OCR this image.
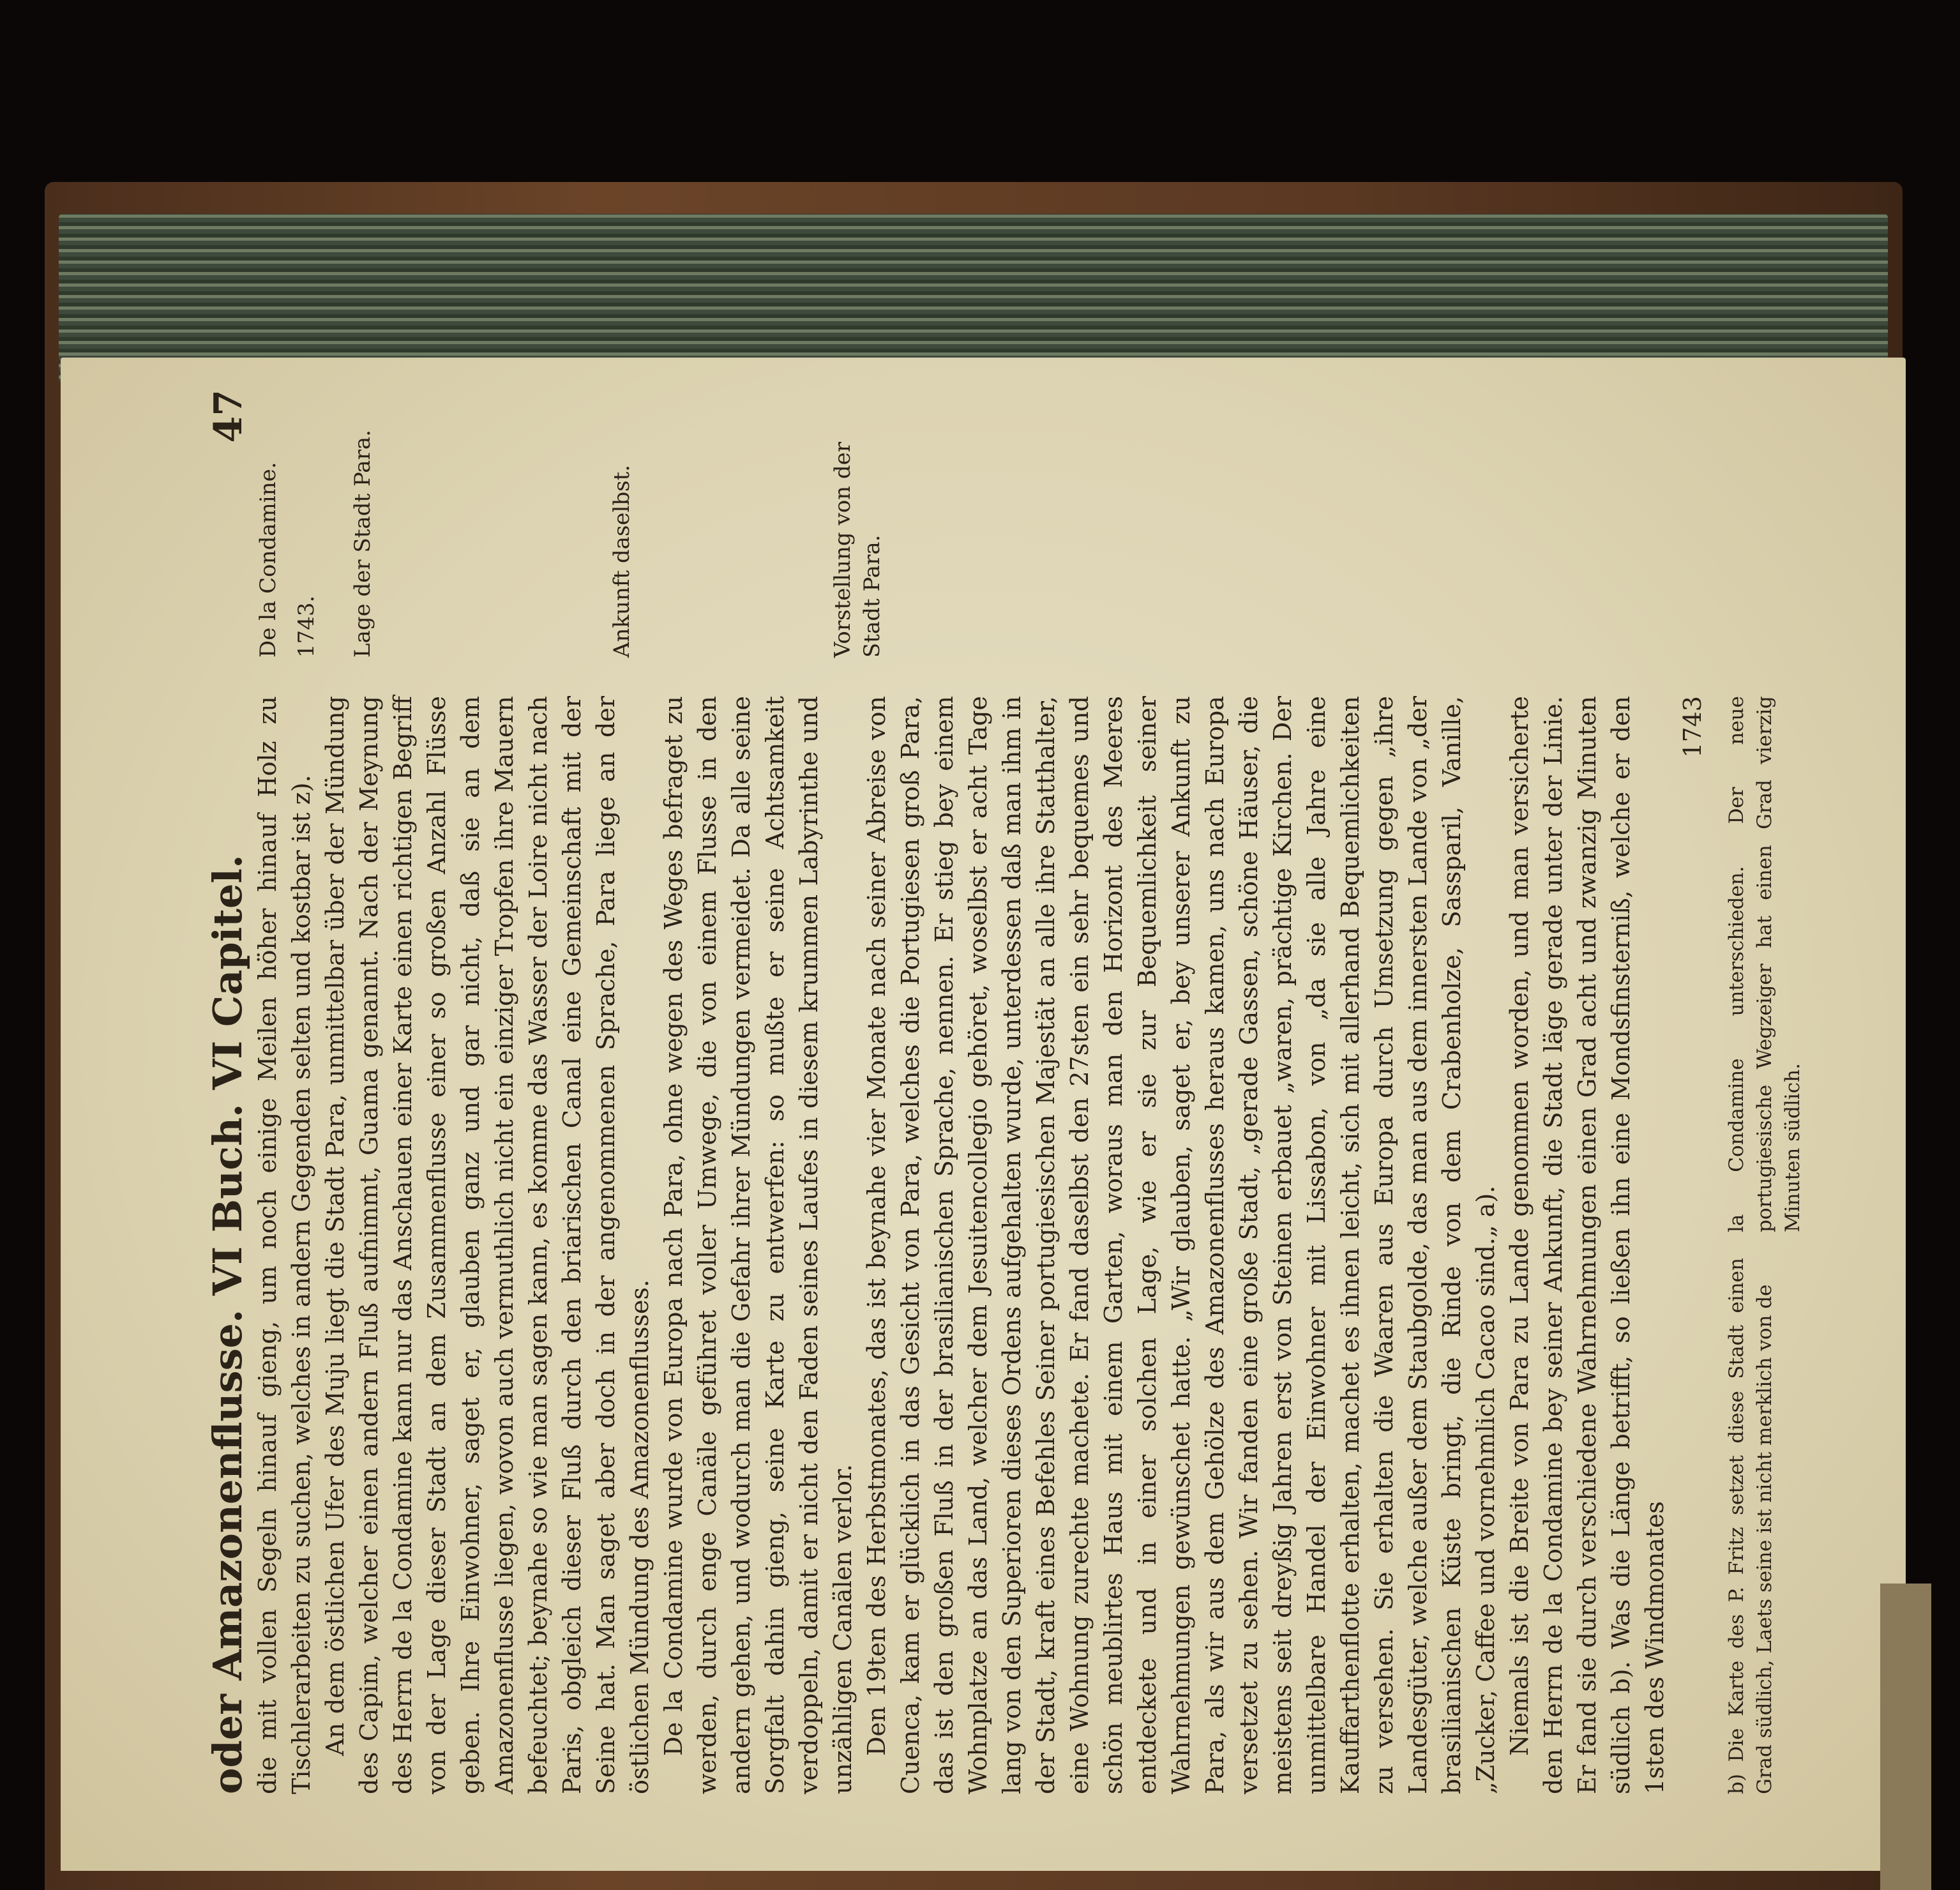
oder Amazonenflusse. VI Buch. VI Capitel.
47

die mit vollen Segeln hinauf gieng, um noch einige Meilen höher hinauf Holz zu Tischlerarbeiten zu suchen, welches in andern Gegenden selten und kostbar ist z). An dem östlichen Ufer des Muju liegt die Stadt Para, unmittelbar über der Mündung des Capim, welcher einen andern Fluß aufnimmt, Guama genannt. Nach der Meynung des Herrn de la Condamine kann nur das Anschauen einer Karte einen richtigen Begriff von der Lage dieser Stadt an dem Zusammenflusse einer so großen Anzahl Flüsse geben. Ihre Einwohner, saget er, glauben ganz und gar nicht, daß sie an dem Amazonenflusse liegen, wovon auch vermuthlich nicht ein einziger Tropfen ihre Mauern befeuchtet; beynahe so wie man sagen kann, es komme das Wasser der Loire nicht nach Paris, obgleich dieser Fluß durch den briarischen Canal eine Gemeinschaft mit der Seine hat. Man saget aber doch in der angenommenen Sprache, Para liege an der östlichen Mündung des Amazonenflusses. De la Condamine wurde von Europa nach Para, ohne wegen des Weges befraget zu werden, durch enge Canäle geführet voller Umwege, die von einem Flusse in den andern gehen, und wodurch man die Gefahr ihrer Mündungen vermeidet. Da alle seine Sorgfalt dahin gieng, seine Karte zu entwerfen: so mußte er seine Achtsamkeit verdoppeln, damit er nicht den Faden seines Laufes in diesem krummen Labyrinthe und unzähligen Canälen verlor. Den 19ten des Herbstmonates, das ist beynahe vier Monate nach seiner Abreise von Cuenca, kam er glücklich in das Gesicht von Para, welches die Portugiesen groß Para, das ist den großen Fluß in der brasilianischen Sprache, nennen. Er stieg bey einem Wohnplatze an das Land, welcher dem Jesuitencollegio gehöret, woselbst er acht Tage lang von den Superioren dieses Ordens aufgehalten wurde, unterdessen daß man ihm in der Stadt, kraft eines Befehles Seiner portugiesischen Majestät an alle ihre Statthalter, eine Wohnung zurechte machete. Er fand daselbst den 27sten ein sehr bequemes und schön meublirtes Haus mit einem Garten, woraus man den Horizont des Meeres entdeckete und in einer solchen Lage, wie er sie zur Bequemlichkeit seiner Wahrnehmungen gewünschet hatte. „Wir glauben, saget er, bey unserer Ankunft zu Para, als wir aus dem Gehölze des Amazonenflusses heraus kamen, uns nach Europa versetzet zu sehen. Wir fanden eine große Stadt, „gerade Gassen, schöne Häuser, die meistens seit dreyßig Jahren erst von Steinen erbauet „waren, prächtige Kirchen. Der unmittelbare Handel der Einwohner mit Lissabon, von „da sie alle Jahre eine Kauffarthenflotte erhalten, machet es ihnen leicht, sich mit allerhand Bequemlichkeiten zu versehen. Sie erhalten die Waaren aus Europa durch Umsetzung gegen „ihre Landesgüter, welche außer dem Staubgolde, das man aus dem innersten Lande von „der brasilianischen Küste bringt, die Rinde von dem Crabenholze, Sassparil, Vanille, „Zucker, Caffee und vornehmlich Cacao sind.„ a). Niemals ist die Breite von Para zu Lande genommen worden, und man versicherte den Herrn de la Condamine bey seiner Ankunft, die Stadt läge gerade unter der Linie. Er fand sie durch verschiedene Wahrnehmungen einen Grad acht und zwanzig Minuten südlich b). Was die Länge betrifft, so ließen ihn eine Mondsfinsterniß, welche er den 1sten des Windmonates

1743
b) Die Karte des P. Fritz setzet diese Stadt einen Grad südlich, Laets seine ist nicht merklich von de
la Condamine unterschieden. Der neue portugiesische Wegzeiger hat einen Grad vierzig Minuten südlich.
De la Condamine. 1743. Lage der Stadt Para.	Ankunft daselbst.	Vorstellung von der Stadt Para.
